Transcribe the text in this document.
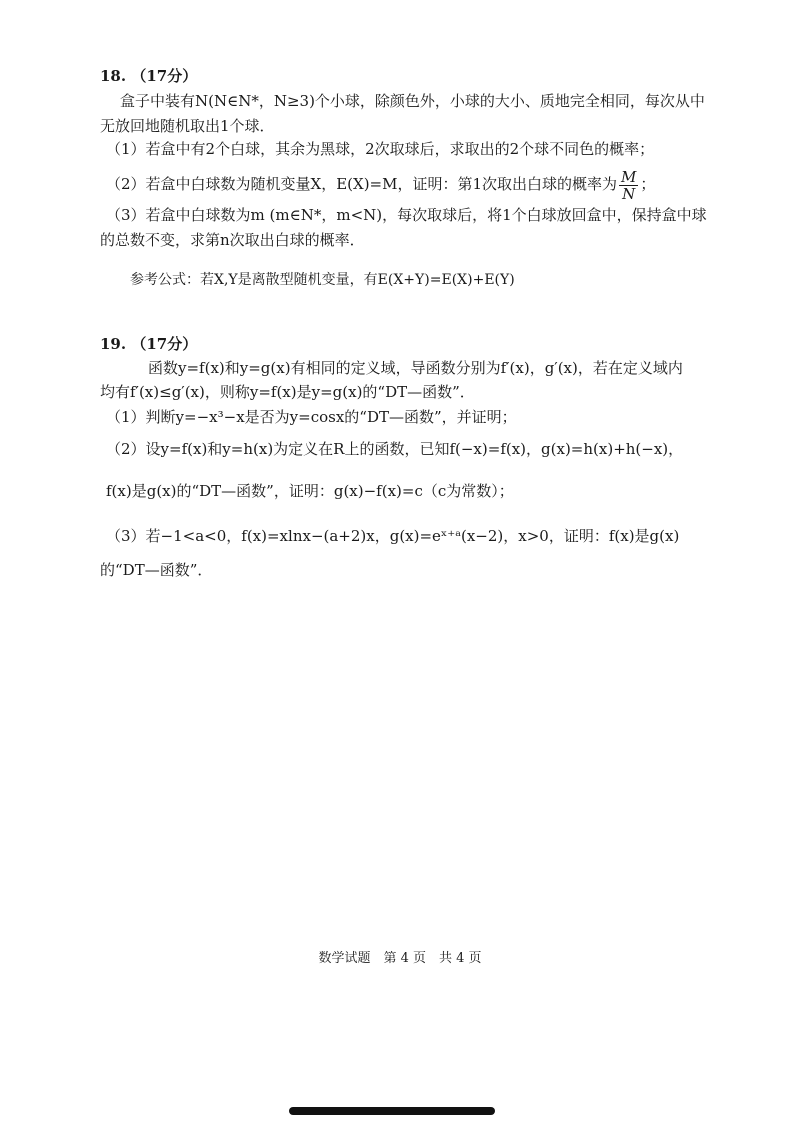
18. （17分）
盒子中装有N(N∈N*，N≥3)个小球，除颜色外，小球的大小、质地完全相同，每次从中
无放回地随机取出1个球．
（1）若盒中有2个白球，其余为黑球，2次取球后，求取出的2个球不同色的概率；
（2）若盒中白球数为随机变量X，E(X)=M，证明：第1次取出白球的概率为 $\frac{M}{N}$ ；
（3）若盒中白球数为m (m∈N*，m<N)，每次取球后，将1个白球放回盒中，保持盒中球
的总数不变，求第n次取出白球的概率．
参考公式：若X,Y是离散型随机变量，有E(X+Y)=E(X)+E(Y)
19. （17分）
函数y=f(x)和y=g(x)有相同的定义域，导函数分别为f′(x)，g′(x)，若在定义域内
均有f′(x)≤g′(x)，则称y=f(x)是y=g(x)的“DT—函数”．
（1）判断y=−x³−x是否为y=cosx的“DT—函数”，并证明；
（2）设y=f(x)和y=h(x)为定义在R上的函数，已知f(−x)=f(x)，g(x)=h(x)+h(−x)，
f(x)是g(x)的“DT—函数”，证明：g(x)−f(x)=c（c为常数）；
（3）若−1<a<0，f(x)=xlnx−(a+2)x，g(x)=eˣ⁺ᵃ(x−2)，x>0，证明：f(x)是g(x)
的“DT—函数”．
数学试题　第 4 页　共 4 页
